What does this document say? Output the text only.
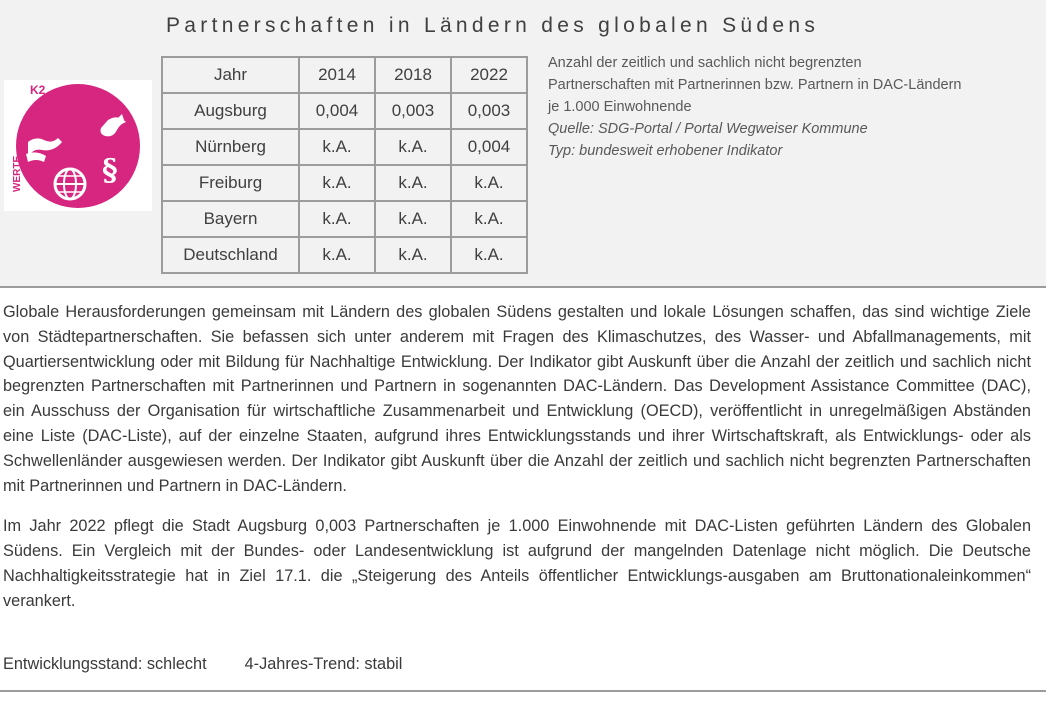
Partnerschaften in Ländern des globalen Südens
§
WERTE
K2
Jahr	2014	2018	2022
Augsburg	0,004	0,003	0,003
Nürnberg	k.A.	k.A.	0,004
Freiburg	k.A.	k.A.	k.A.
Bayern	k.A.	k.A.	k.A.
Deutschland	k.A.	k.A.	k.A.
Anzahl der zeitlich und sachlich nicht begrenzten
Partnerschaften mit Partnerinnen bzw. Partnern in DAC-Ländern
je 1.000 Einwohnende
Quelle: SDG-Portal / Portal Wegweiser Kommune
Typ: bundesweit erhobener Indikator

Globale Herausforderungen gemeinsam mit Ländern des globalen Südens gestalten und lokale Lösungen schaffen, das sind wichtige Ziele von Städtepartnerschaften. Sie befassen sich unter anderem mit Fragen des Klimaschutzes, des Wasser- und Abfallmanagements, mit Quartiersentwicklung oder mit Bildung für Nachhaltige Entwicklung. Der Indikator gibt Auskunft über die Anzahl der zeitlich und sachlich nicht begrenzten Partnerschaften mit Partnerinnen und Partnern in sogenannten DAC-Ländern. Das Development Assistance Committee (DAC), ein Ausschuss der Organisation für wirtschaftliche Zusammenarbeit und Entwicklung (OECD), veröffentlicht in unregelmäßigen Abständen eine Liste (DAC-Liste), auf der einzelne Staaten, aufgrund ihres Entwicklungsstands und ihrer Wirtschaftskraft, als Entwicklungs- oder als Schwellenländer ausgewiesen werden. Der Indikator gibt Auskunft über die Anzahl der zeitlich und sachlich nicht begrenzten Partnerschaften mit Partnerinnen und Partnern in DAC-Ländern.

Im Jahr 2022 pflegt die Stadt Augsburg 0,003 Partnerschaften je 1.000 Einwohnende mit DAC-Listen geführten Ländern des Globalen Südens. Ein Vergleich mit der Bundes- oder Landesentwicklung ist aufgrund der mangelnden Datenlage nicht möglich. Die Deutsche Nachhaltigkeitsstrategie hat in Ziel 17.1. die „Steigerung des Anteils öffentlicher Entwicklungs-ausgaben am Bruttonationaleinkommen“ verankert.

Entwicklungsstand: schlecht 4-Jahres-Trend: stabil
